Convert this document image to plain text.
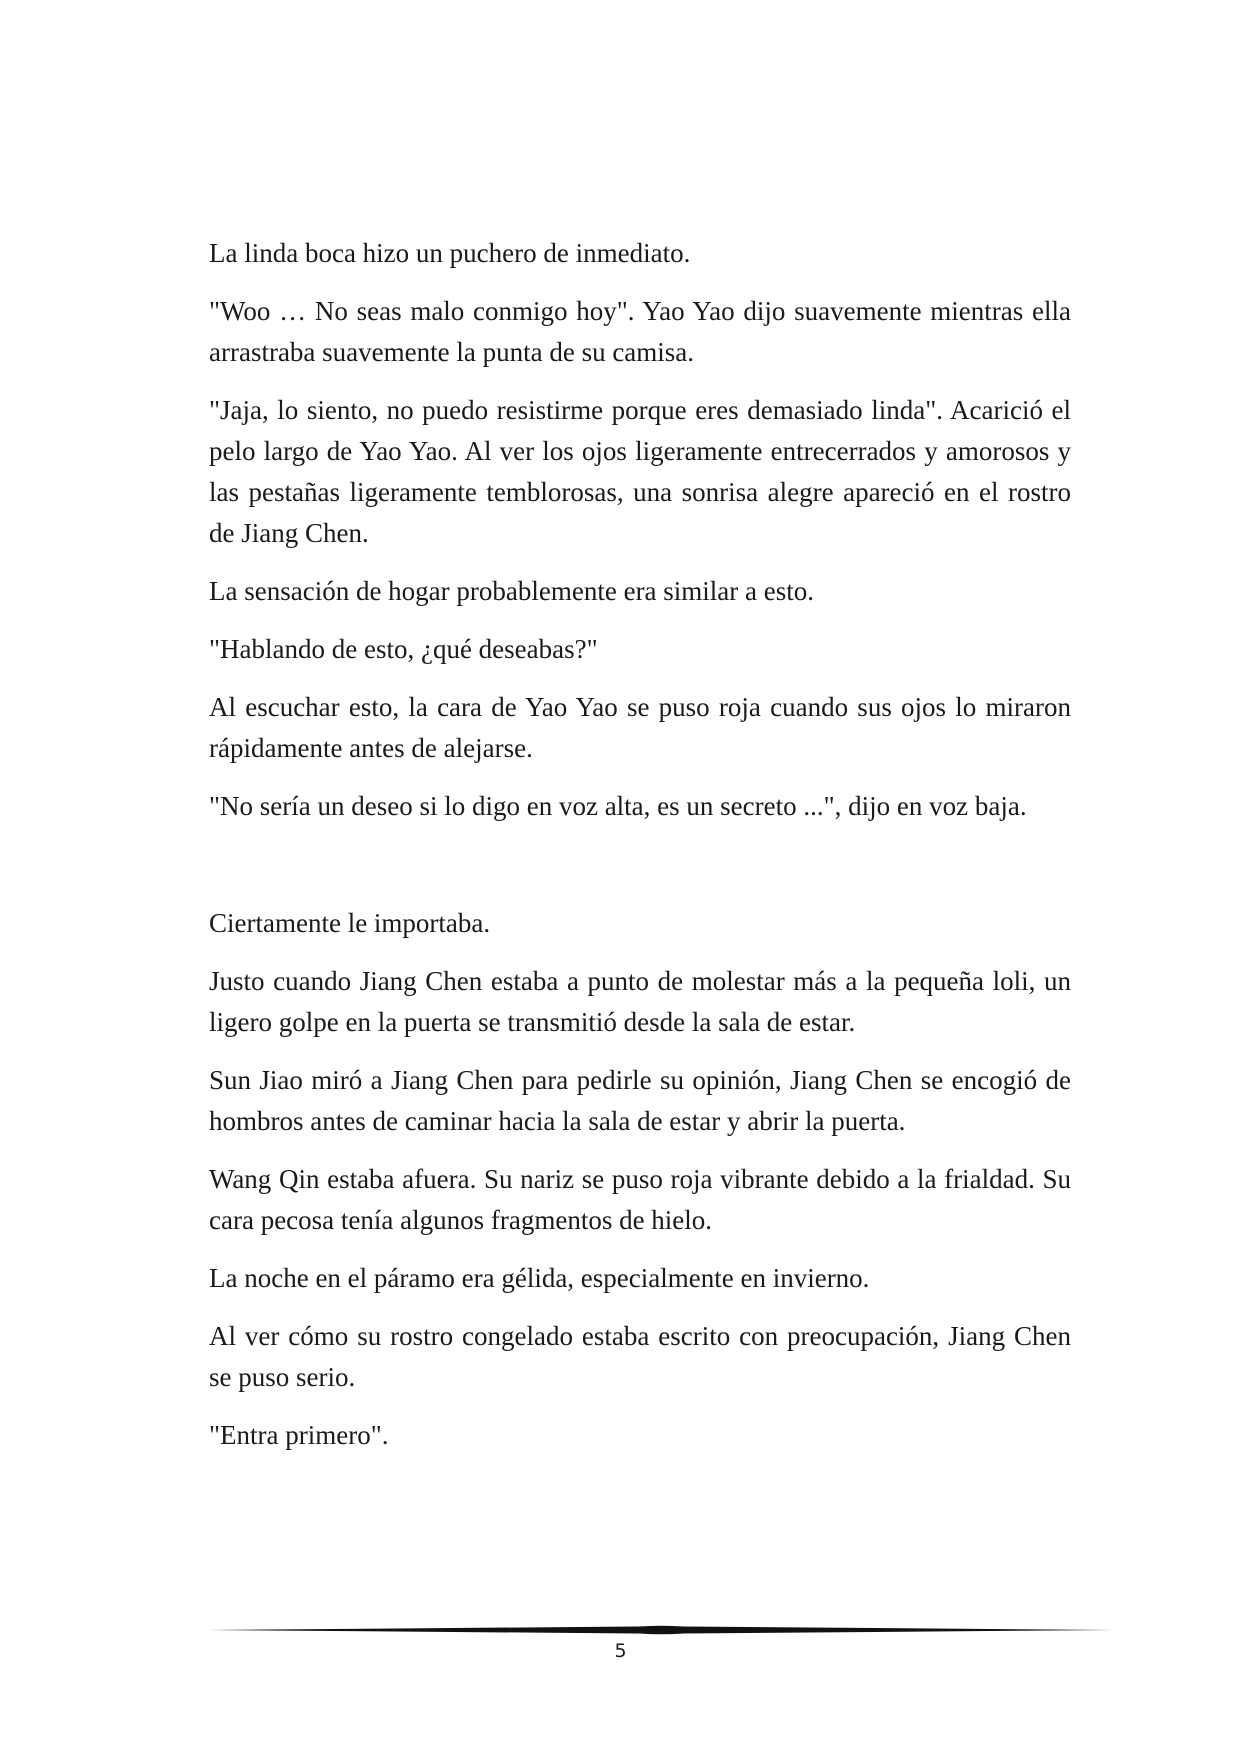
La linda boca hizo un puchero de inmediato.

"Woo … No seas malo conmigo hoy". Yao Yao dijo suavemente mientras ella arrastraba suavemente la punta de su camisa.

"Jaja, lo siento, no puedo resistirme porque eres demasiado linda". Acarició el pelo largo de Yao Yao. Al ver los ojos ligeramente entrecerrados y amorosos y las pestañas ligeramente temblorosas, una sonrisa alegre apareció en el rostro de Jiang Chen.

La sensación de hogar probablemente era similar a esto.

"Hablando de esto, ¿qué deseabas?"

Al escuchar esto, la cara de Yao Yao se puso roja cuando sus ojos lo miraron rápidamente antes de alejarse.

"No sería un deseo si lo digo en voz alta, es un secreto ...", dijo en voz baja.

Ciertamente le importaba.

Justo cuando Jiang Chen estaba a punto de molestar más a la pequeña loli, un ligero golpe en la puerta se transmitió desde la sala de estar.

Sun Jiao miró a Jiang Chen para pedirle su opinión, Jiang Chen se encogió de hombros antes de caminar hacia la sala de estar y abrir la puerta.

Wang Qin estaba afuera. Su nariz se puso roja vibrante debido a la frialdad. Su cara pecosa tenía algunos fragmentos de hielo.

La noche en el páramo era gélida, especialmente en invierno.

Al ver cómo su rostro congelado estaba escrito con preocupación, Jiang Chen se puso serio.

"Entra primero".

5
